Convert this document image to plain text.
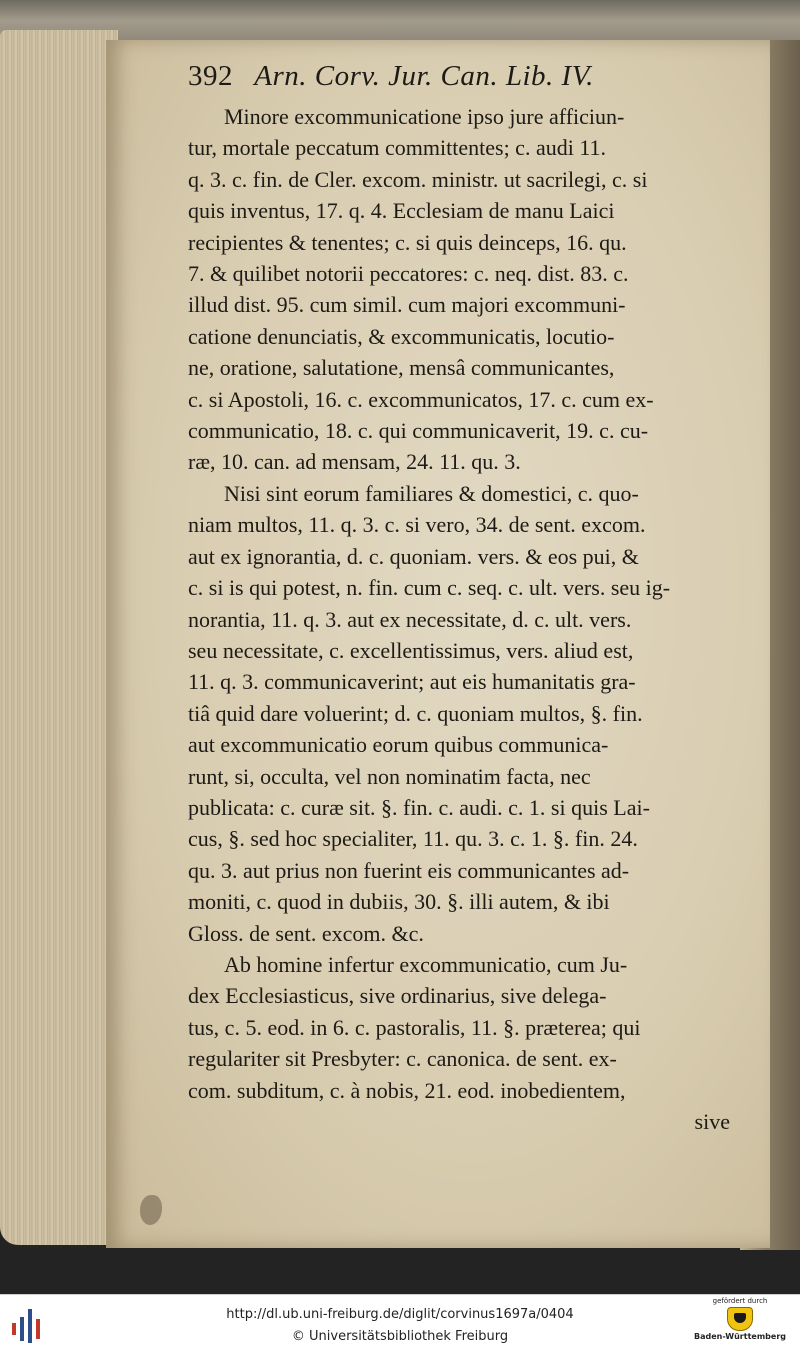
392 Arn. Corv. Jur. Can. Lib. IV.

Minore excommunicatione ipso jure afficiun-
tur, mortale peccatum committentes; c. audi 11.
q. 3. c. fin. de Cler. excom. ministr. ut sacrilegi, c. si
quis inventus, 17. q. 4. Ecclesiam de manu Laici
recipientes & tenentes; c. si quis deinceps, 16. qu.
7. & quilibet notorii peccatores: c. neq. dist. 83. c.
illud dist. 95. cum simil. cum majori excommuni-
catione denunciatis, & excommunicatis, locutio-
ne, oratione, salutatione, mensâ communicantes,
c. si Apostoli, 16. c. excommunicatos, 17. c. cum ex-
communicatio, 18. c. qui communicaverit, 19. c. cu-
ræ, 10. can. ad mensam, 24. 11. qu. 3.

Nisi sint eorum familiares & domestici, c. quo-
niam multos, 11. q. 3. c. si vero, 34. de sent. excom.
aut ex ignorantia, d. c. quoniam. vers. & eos pui, &
c. si is qui potest, n. fin. cum c. seq. c. ult. vers. seu ig-
norantia, 11. q. 3. aut ex necessitate, d. c. ult. vers.
seu necessitate, c. excellentissimus, vers. aliud est,
11. q. 3. communicaverint; aut eis humanitatis gra-
tiâ quid dare voluerint; d. c. quoniam multos, §. fin.
aut excommunicatio eorum quibus communica-
runt, si, occulta, vel non nominatim facta, nec
publicata: c. curæ sit. §. fin. c. audi. c. 1. si quis Lai-
cus, §. sed hoc specialiter, 11. qu. 3. c. 1. §. fin. 24.
qu. 3. aut prius non fuerint eis communicantes ad-
moniti, c. quod in dubiis, 30. §. illi autem, & ibi
Gloss. de sent. excom. &c.

Ab homine infertur excommunicatio, cum Ju-
dex Ecclesiasticus, sive ordinarius, sive delega-
tus, c. 5. eod. in 6. c. pastoralis, 11. §. præterea; qui
regulariter sit Presbyter: c. canonica. de sent. ex-
com. subditum, c. à nobis, 21. eod. inobedientem,

sive

http://dl.ub.uni-freiburg.de/diglit/corvinus1697a/0404
© Universitätsbibliothek Freiburg
gefördert durch
Baden-Württemberg
